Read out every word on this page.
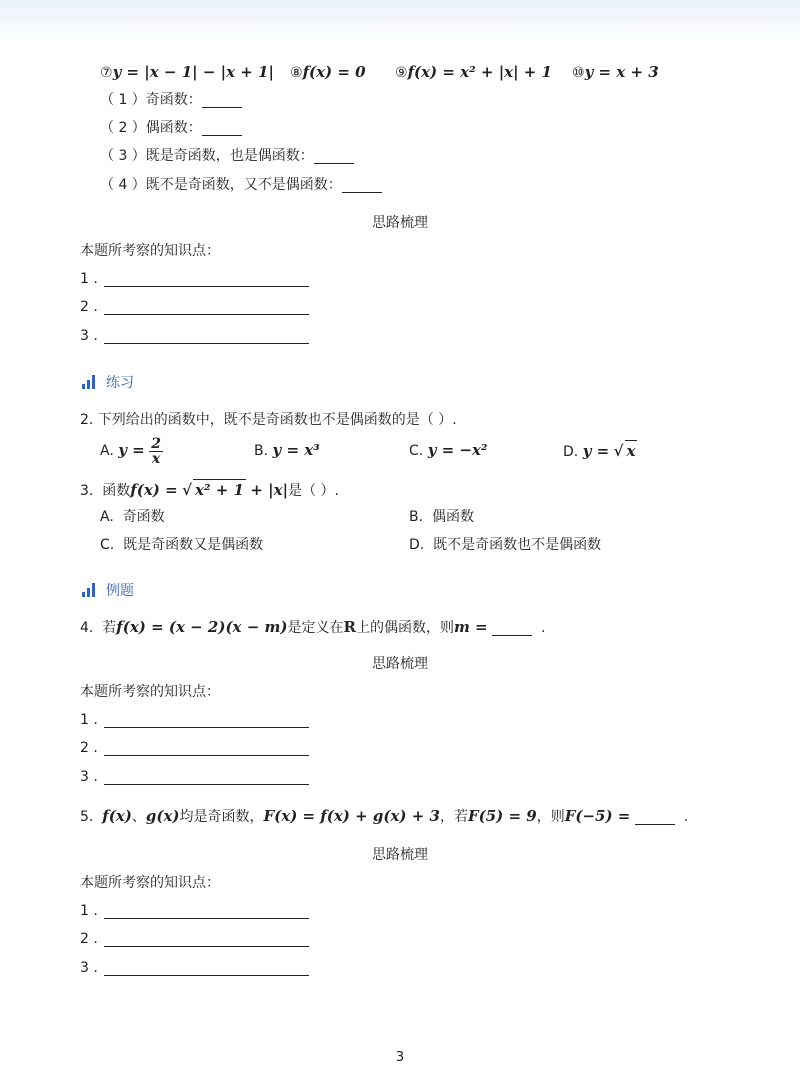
⑦y = |x − 1| − |x + 1| ⑧f(x) = 0 ⑨f(x) = x² + |x| + 1 ⑩y = x + 3
（ 1 ）奇函数：
（ 2 ）偶函数：
（ 3 ）既是奇函数，也是偶函数：
（ 4 ）既不是奇函数，又不是偶函数：
思路梳理
本题所考察的知识点：
1 .
2 .
3 .
练习
2. 下列给出的函数中，既不是奇函数也不是偶函数的是（ ）.
A. $y = \frac{2}{x}$	B. y = x³	C. y = −x²	D. y = √ x
3. 函数f(x) = √ x² + 1 + |x|是（ ）.
A. 奇函数	B. 偶函数
C. 既是奇函数又是偶函数	D. 既不是奇函数也不是偶函数
例题
4. 若f(x) = (x − 2)(x − m)是定义在R上的偶函数，则m =	.
思路梳理
本题所考察的知识点：
1 .
2 .
3 .
5. f(x)、g(x)均是奇函数，F(x) = f(x) + g(x) + 3，若F(5) = 9，则F(−5) =	.
思路梳理
本题所考察的知识点：
1 .
2 .
3 .
3
